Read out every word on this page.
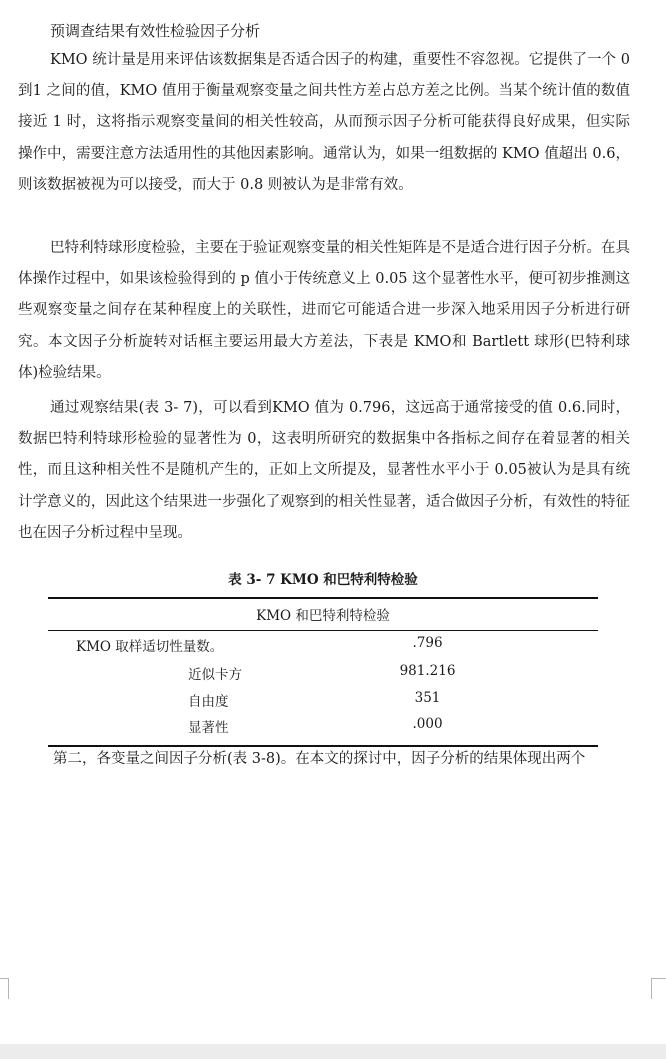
预调查结果有效性检验因子分析

KMO 统计量是用来评估该数据集是否适合因子的构建，重要性不容忽视。它提供了一个 0 到1 之间的值，KMO 值用于衡量观察变量之间共性方差占总方差之比例。当某个统计值的数值接近 1 时，这将指示观察变量间的相关性较高，从而预示因子分析可能获得良好成果，但实际操作中，需要注意方法适用性的其他因素影响。通常认为，如果一组数据的 KMO 值超出 0.6，则该数据被视为可以接受，而大于 0.8 则被认为是非常有效。

巴特利特球形度检验，主要在于验证观察变量的相关性矩阵是不是适合进行因子分析。在具体操作过程中，如果该检验得到的 p 值小于传统意义上 0.05 这个显著性水平，便可初步推测这些观察变量之间存在某种程度上的关联性，进而它可能适合进一步深入地采用因子分析进行研究。本文因子分析旋转对话框主要运用最大方差法，下表是 KMO和 Bartlett 球形(巴特利球体)检验结果。

通过观察结果(表 3- 7)，可以看到KMO 值为 0.796，这远高于通常接受的值 0.6.同时，数据巴特利特球形检验的显著性为 0，这表明所研究的数据集中各指标之间存在着显著的相关性，而且这种相关性不是随机产生的，正如上文所提及，显著性水平小于 0.05被认为是具有统计学意义的，因此这个结果进一步强化了观察到的相关性显著，适合做因子分析，有效性的特征也在因子分析过程中呈现。

表 3- 7 KMO 和巴特利特检验
KMO 和巴特利特检验
KMO 取样适切性量数。	.796
近似卡方	981.216
自由度	351
显著性	.000
第二，各变量之间因子分析(表 3-8)。在本文的探讨中，因子分析的结果体现出两个
